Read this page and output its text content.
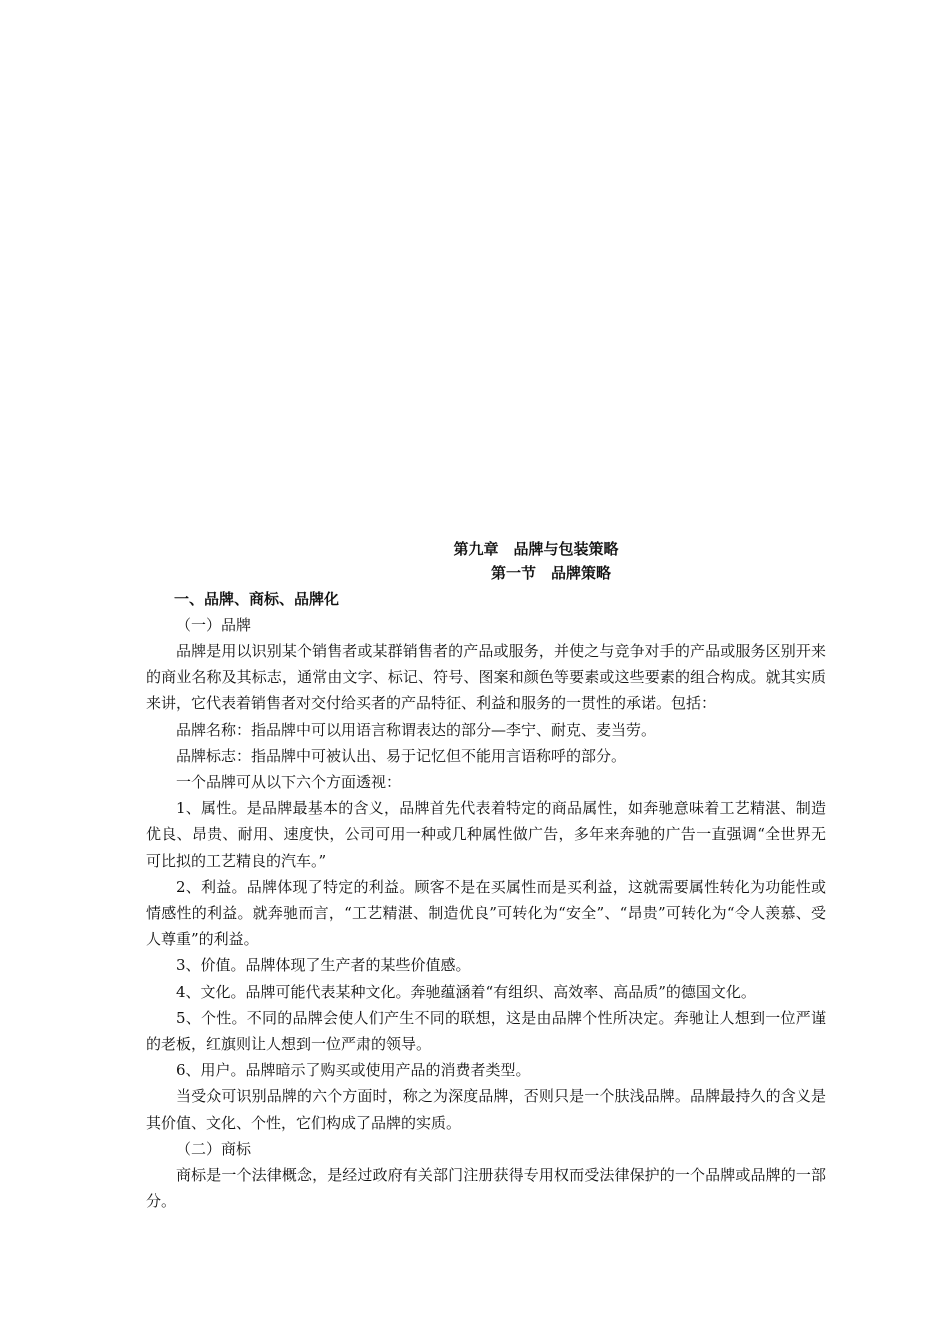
第九章　品牌与包装策略
第一节　品牌策略

一、品牌、商标、品牌化

（一）品牌

品牌是用以识别某个销售者或某群销售者的产品或服务，并使之与竞争对手的产品或服务区别开来的商业名称及其标志，通常由文字、标记、符号、图案和颜色等要素或这些要素的组合构成。就其实质来讲，它代表着销售者对交付给买者的产品特征、利益和服务的一贯性的承诺。包括：

品牌名称：指品牌中可以用语言称谓表达的部分—李宁、耐克、麦当劳。

品牌标志：指品牌中可被认出、易于记忆但不能用言语称呼的部分。

一个品牌可从以下六个方面透视：

1、属性。是品牌最基本的含义，品牌首先代表着特定的商品属性，如奔驰意味着工艺精湛、制造优良、昂贵、耐用、速度快，公司可用一种或几种属性做广告，多年来奔驰的广告一直强调“全世界无可比拟的工艺精良的汽车。”

2、利益。品牌体现了特定的利益。顾客不是在买属性而是买利益，这就需要属性转化为功能性或情感性的利益。就奔驰而言，“工艺精湛、制造优良”可转化为“安全”、“昂贵”可转化为“令人羡慕、受人尊重”的利益。

3、价值。品牌体现了生产者的某些价值感。

4、文化。品牌可能代表某种文化。奔驰蕴涵着“有组织、高效率、高品质”的德国文化。

5、个性。不同的品牌会使人们产生不同的联想，这是由品牌个性所决定。奔驰让人想到一位严谨的老板，红旗则让人想到一位严肃的领导。

6、用户。品牌暗示了购买或使用产品的消费者类型。

当受众可识别品牌的六个方面时，称之为深度品牌，否则只是一个肤浅品牌。品牌最持久的含义是其价值、文化、个性，它们构成了品牌的实质。

（二）商标

商标是一个法律概念，是经过政府有关部门注册获得专用权而受法律保护的一个品牌或品牌的一部分。
